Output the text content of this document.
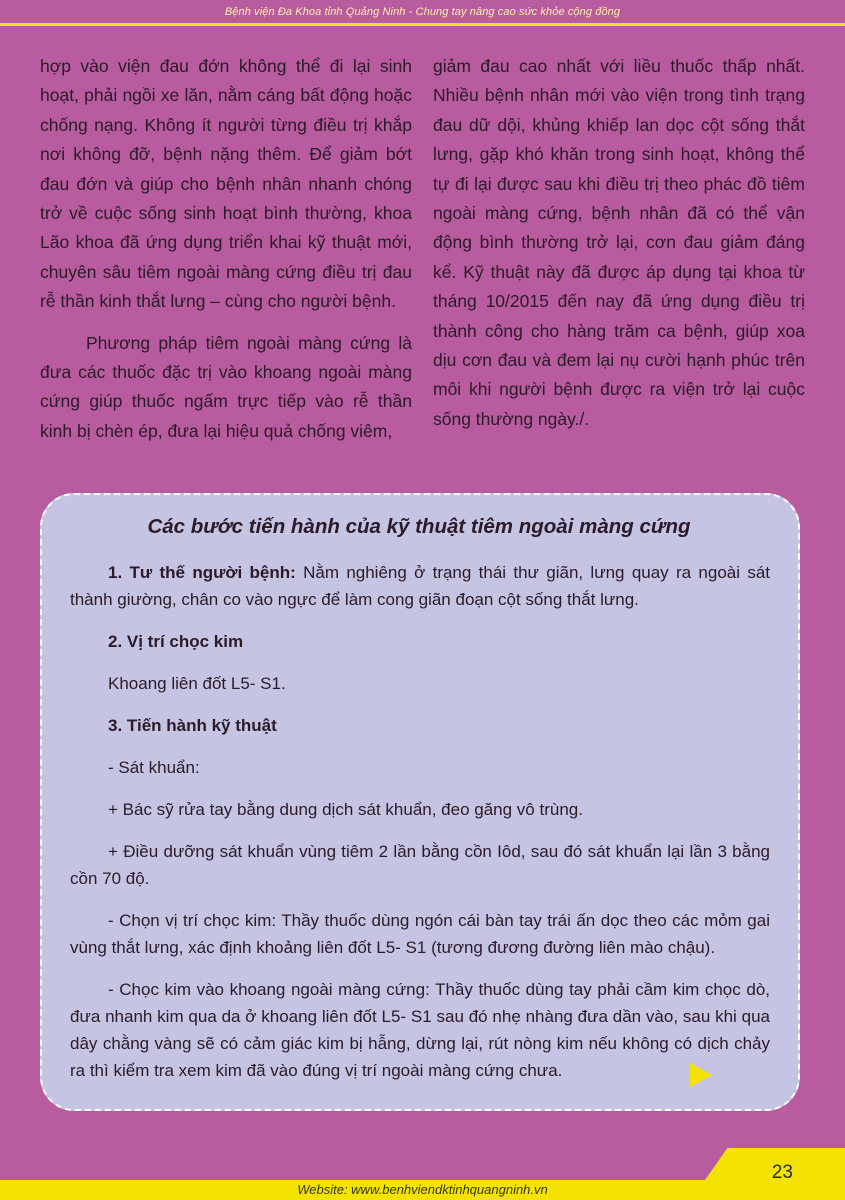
Bệnh viện Đa Khoa tỉnh Quảng Ninh - Chung tay nâng cao sức khỏe cộng đồng

hợp vào viện đau đớn không thể đi lại sinh hoạt, phải ngồi xe lăn, nằm cáng bất động hoặc chống nạng. Không ít người từng điều trị khắp nơi không đỡ, bệnh nặng thêm. Để giảm bớt đau đớn và giúp cho bệnh nhân nhanh chóng trở về cuộc sống sinh hoạt bình thường, khoa Lão khoa đã ứng dụng triển khai kỹ thuật mới, chuyên sâu tiêm ngoài màng cứng điều trị đau rễ thần kinh thắt lưng – cùng cho người bệnh.

Phương pháp tiêm ngoài màng cứng là đưa các thuốc đặc trị vào khoang ngoài màng cứng giúp thuốc ngấm trực tiếp vào rễ thần kinh bị chèn ép, đưa lại hiệu quả chống viêm,

giảm đau cao nhất với liều thuốc thấp nhất. Nhiều bệnh nhân mới vào viện trong tình trạng đau dữ dội, khủng khiếp lan dọc cột sống thắt lưng, gặp khó khăn trong sinh hoạt, không thể tự đi lại được sau khi điều trị theo phác đồ tiêm ngoài màng cứng, bệnh nhân đã có thể vận động bình thường trở lại, cơn đau giảm đáng kể. Kỹ thuật này đã được áp dụng tại khoa từ tháng 10/2015 đến nay đã ứng dụng điều trị thành công cho hàng trăm ca bệnh, giúp xoa dịu cơn đau và đem lại nụ cười hạnh phúc trên môi khi người bệnh được ra viện trở lại cuộc sống thường ngày./.

Các bước tiến hành của kỹ thuật tiêm ngoài màng cứng

1. Tư thế người bệnh: Nằm nghiêng ở trạng thái thư giãn, lưng quay ra ngoài sát thành giường, chân co vào ngực để làm cong giãn đoạn cột sống thắt lưng.

2. Vị trí chọc kim

Khoang liên đốt L5- S1.

3. Tiến hành kỹ thuật

- Sát khuẩn:

+ Bác sỹ rửa tay bằng dung dịch sát khuẩn, đeo găng vô trùng.

+ Điều dưỡng sát khuẩn vùng tiêm 2 lần bằng cồn Iôd, sau đó sát khuẩn lại lần 3 bằng cồn 70 độ.

- Chọn vị trí chọc kim: Thầy thuốc dùng ngón cái bàn tay trái ấn dọc theo các mỏm gai vùng thắt lưng, xác định khoảng liên đốt L5- S1 (tương đương đường liên mào chậu).

- Chọc kim vào khoang ngoài màng cứng: Thầy thuốc dùng tay phải cầm kim chọc dò, đưa nhanh kim qua da ở khoang liên đốt L5- S1 sau đó nhẹ nhàng đưa dần vào, sau khi qua dây chằng vàng sẽ có cảm giác kim bị hẫng, dừng lại, rút nòng kim nếu không có dịch chảy ra thì kiểm tra xem kim đã vào đúng vị trí ngoài màng cứng chưa.

23
Website: www.benhviendktinhquangninh.vn
